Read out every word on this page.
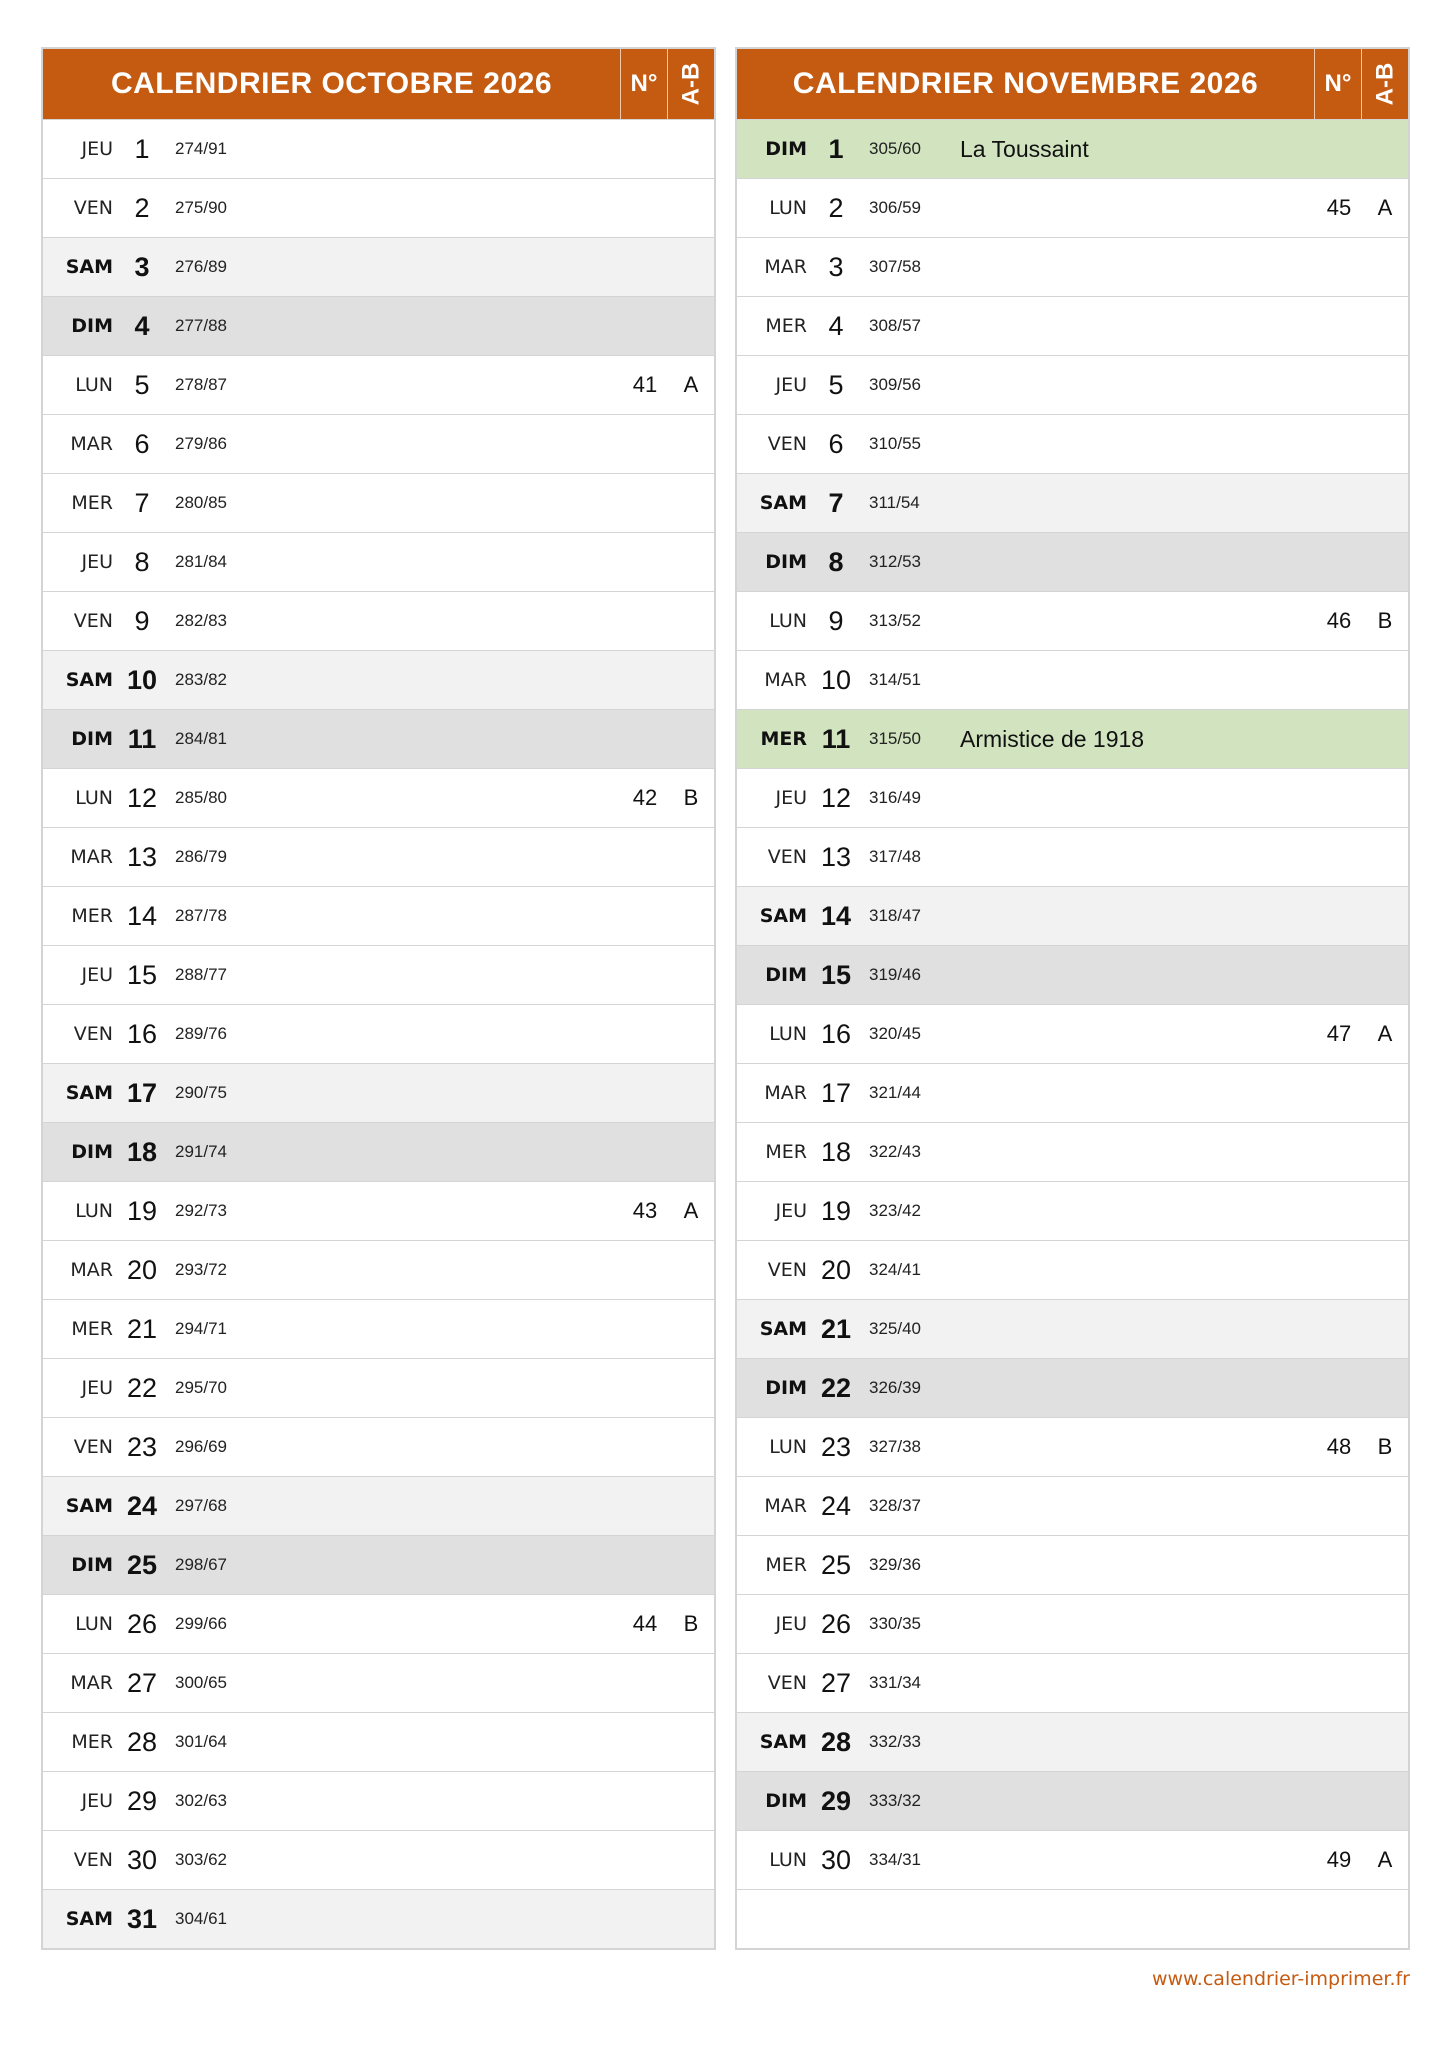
CALENDRIER OCTOBRE 2026	N° A-B
JEU 1	274/91
VEN 2	275/90
SAM 3	276/89
DIM 4	277/88
LUN 5	278/87	41	A
MAR 6	279/86
MER 7	280/85
JEU 8	281/84
VEN 9	282/83
SAM 10	283/82
DIM 11	284/81
LUN 12	285/80	42	B
MAR 13	286/79
MER 14	287/78
JEU 15	288/77
VEN 16	289/76
SAM 17	290/75
DIM 18	291/74
LUN 19	292/73	43	A
MAR 20	293/72
MER 21	294/71
JEU 22	295/70
VEN 23	296/69
SAM 24	297/68
DIM 25	298/67
LUN 26	299/66	44	B
MAR 27	300/65
MER 28	301/64
JEU 29	302/63
VEN 30	303/62
SAM 31	304/61
CALENDRIER NOVEMBRE 2026	N° A-B
DIM 1	305/60	La Toussaint
LUN 2	306/59	45	A
MAR 3	307/58
MER 4	308/57
JEU 5	309/56
VEN 6	310/55
SAM 7	311/54
DIM 8	312/53
LUN 9	313/52	46	B
MAR 10	314/51
MER 11	315/50	Armistice de 1918
JEU 12	316/49
VEN 13	317/48
SAM 14	318/47
DIM 15	319/46
LUN 16	320/45	47	A
MAR 17	321/44
MER 18	322/43
JEU 19	323/42
VEN 20	324/41
SAM 21	325/40
DIM 22	326/39
LUN 23	327/38	48	B
MAR 24	328/37
MER 25	329/36
JEU 26	330/35
VEN 27	331/34
SAM 28	332/33
DIM 29	333/32
LUN 30	334/31	49	A
www.calendrier-imprimer.fr
